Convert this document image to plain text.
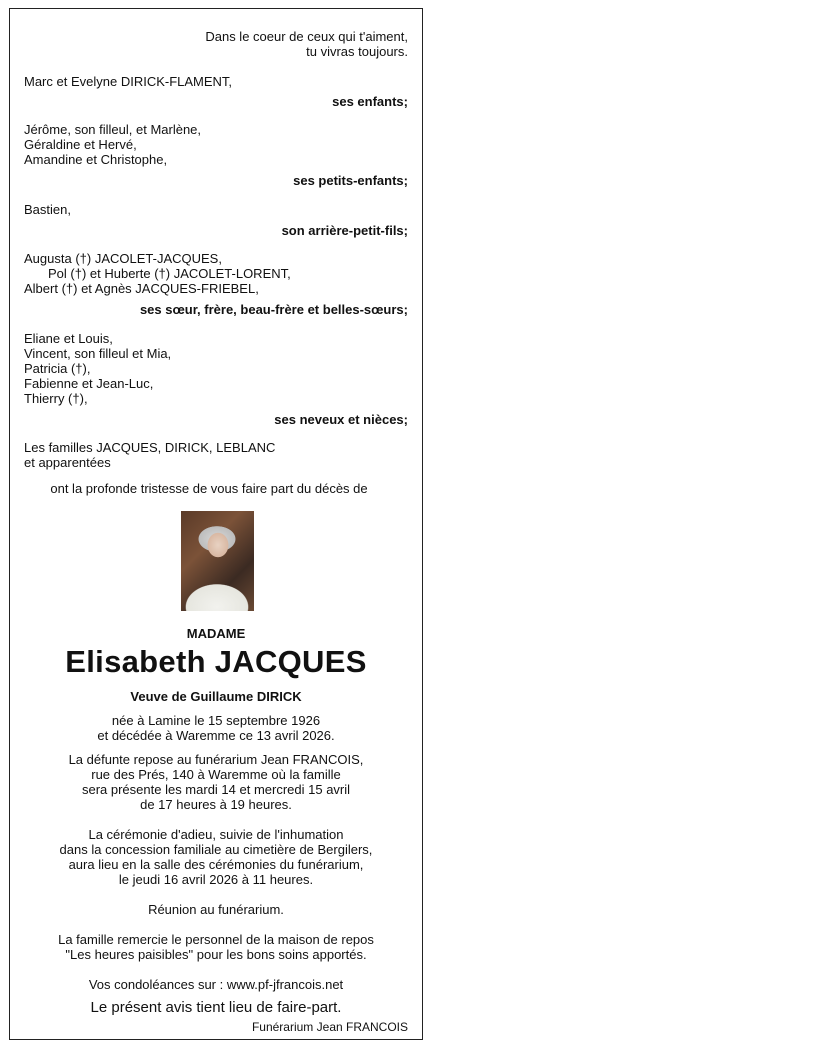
Dans le coeur de ceux qui t'aiment,
tu vivras toujours.
Marc et Evelyne DIRICK-FLAMENT,
ses enfants;
Jérôme, son filleul, et Marlène,
Géraldine et Hervé,
Amandine et Christophe,
ses petits-enfants;
Bastien,
son arrière-petit-fils;
Augusta (†) JACOLET-JACQUES,
Pol (†) et Huberte (†) JACOLET-LORENT,
Albert (†) et Agnès JACQUES-FRIEBEL,
ses sœur, frère, beau-frère et belles-sœurs;
Eliane et Louis,
Vincent, son filleul et Mia,
Patricia (†),
Fabienne et Jean-Luc,
Thierry (†),
ses neveux et nièces;
Les familles JACQUES, DIRICK, LEBLANC
et apparentées
ont la profonde tristesse de vous faire part du décès de
MADAME
Elisabeth JACQUES
Veuve de Guillaume DIRICK
née à Lamine le 15 septembre 1926
et décédée à Waremme ce 13 avril 2026.
La défunte repose au funérarium Jean FRANCOIS,
rue des Prés, 140 à Waremme où la famille
sera présente les mardi 14 et mercredi 15 avril
de 17 heures à 19 heures.
La cérémonie d'adieu, suivie de l'inhumation
dans la concession familiale au cimetière de Bergilers,
aura lieu en la salle des cérémonies du funérarium,
le jeudi 16 avril 2026 à 11 heures.
Réunion au funérarium.
La famille remercie le personnel de la maison de repos
"Les heures paisibles" pour les bons soins apportés.
Vos condoléances sur : www.pf-jfrancois.net
Le présent avis tient lieu de faire-part.
Funérarium Jean FRANCOIS
